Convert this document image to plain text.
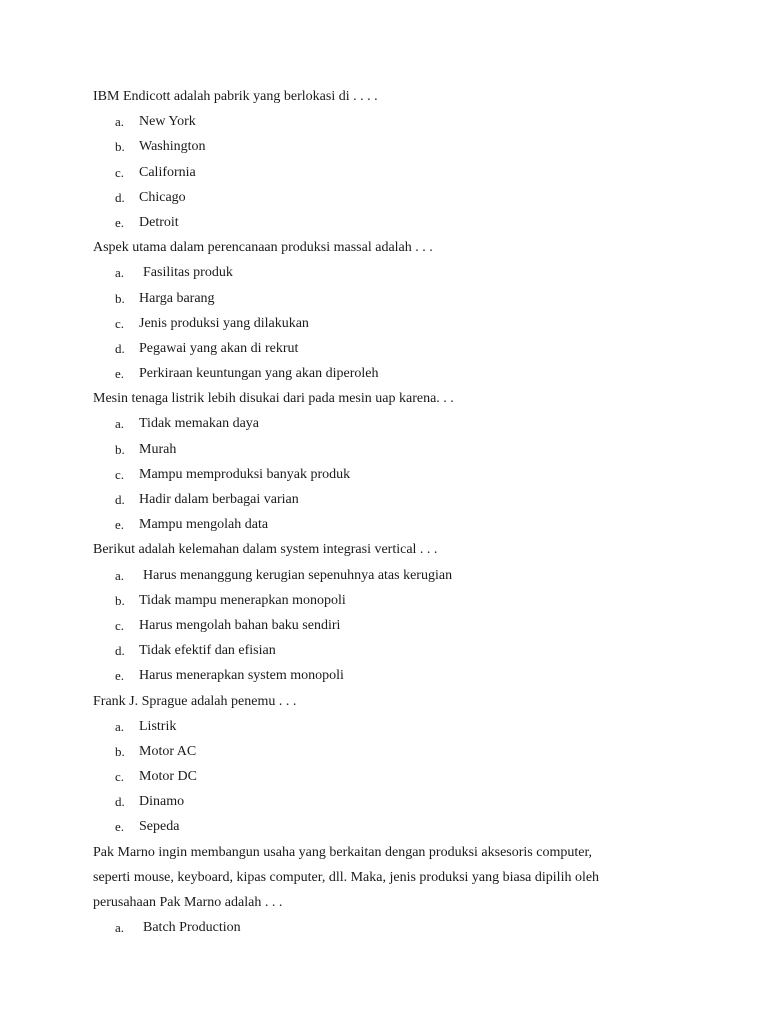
IBM Endicott adalah pabrik yang berlokasi di . . . .
a.	New York
b.	Washington
c.	California
d.	Chicago
e.	Detroit
Aspek utama dalam perencanaan produksi massal adalah . . .
a.	Fasilitas produk
b.	Harga barang
c.	Jenis produksi yang dilakukan
d.	Pegawai yang akan di rekrut
e.	Perkiraan keuntungan yang akan diperoleh
Mesin tenaga listrik lebih disukai dari pada mesin uap karena. . .
a.	Tidak memakan daya
b.	Murah
c.	Mampu memproduksi banyak produk
d.	Hadir dalam berbagai varian
e.	Mampu mengolah data
Berikut adalah kelemahan dalam system integrasi vertical . . .
a.	Harus menanggung kerugian sepenuhnya atas kerugian
b.	Tidak mampu menerapkan monopoli
c.	Harus mengolah bahan baku sendiri
d.	Tidak efektif dan efisian
e.	Harus menerapkan system monopoli
Frank J. Sprague adalah penemu . . .
a.	Listrik
b.	Motor AC
c.	Motor DC
d.	Dinamo
e.	Sepeda
Pak Marno ingin membangun usaha yang berkaitan dengan produksi aksesoris computer,
seperti mouse, keyboard, kipas computer, dll. Maka, jenis produksi yang biasa dipilih oleh
perusahaan Pak Marno adalah . . .
a.	Batch Production
